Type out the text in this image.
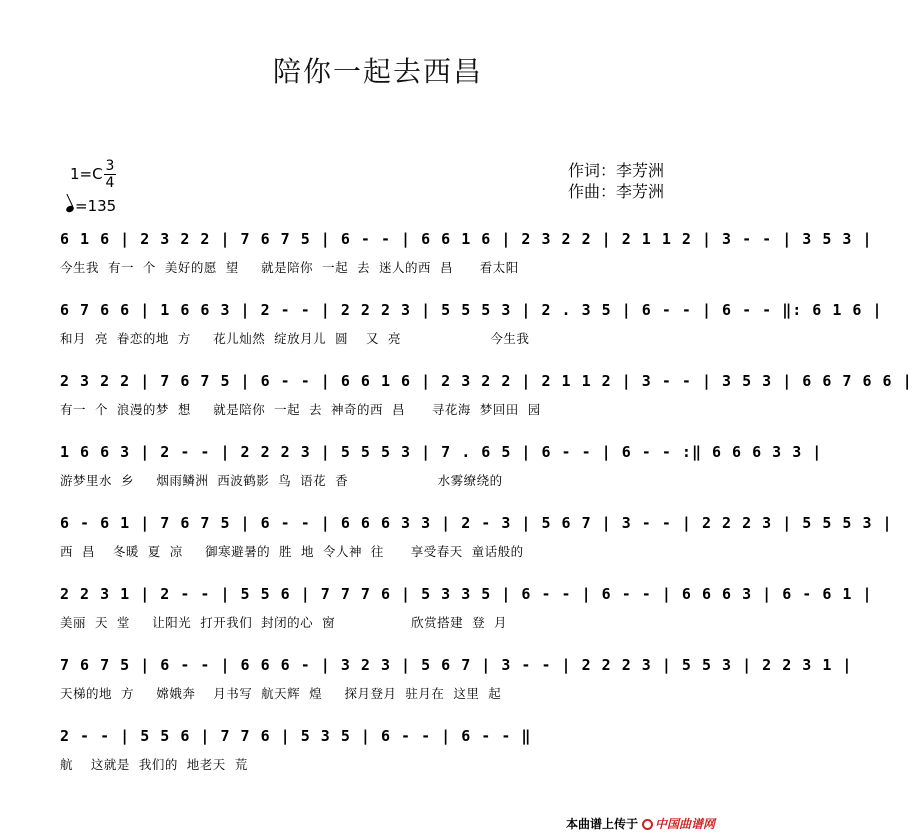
陪你一起去西昌
1=C 3
4
=135
作词：李芳洲
作曲：李芳洲
6 1 6 | 2 3 2 2 | 7 6 7 5 | 6 - - | 6 6 1 6 | 2 3 2 2 | 2 1 1 2 | 3 - - | 3 5 3 |
今生我  有一  个  美好的愿  望     就是陪你  一起  去  迷人的西  昌      看太阳
6 7 6 6 | 1 6 6 3 | 2 - - | 2 2 2 3 | 5 5 5 3 | 2 . 3 5 | 6 - - | 6 - - ‖: 6 1 6 |
和月  亮  眷恋的地  方     花儿灿然  绽放月儿  圆    又  亮                    今生我
2 3 2 2 | 7 6 7 5 | 6 - - | 6 6 1 6 | 2 3 2 2 | 2 1 1 2 | 3 - - | 3 5 3 | 6 6 7 6 6 |
有一  个  浪漫的梦  想     就是陪你  一起  去  神奇的西  昌      寻花海  梦回田  园
1 6 6 3 | 2 - - | 2 2 2 3 | 5 5 5 3 | 7 . 6 5 | 6 - - | 6 - - :‖ 6 6 6 3 3 |
游梦里水  乡     烟雨鳞洲  西波鹤影  鸟  语花  香                    水雾缭绕的
6 - 6 1 | 7 6 7 5 | 6 - - | 6 6 6 3 3 | 2 - 3 | 5 6 7 | 3 - - | 2 2 2 3 | 5 5 5 3 |
西  昌    冬暖  夏  凉     御寒避暑的  胜  地  令人神  往      享受春天  童话般的
2 2 3 1 | 2 - - | 5 5 6 | 7 7 7 6 | 5 3 3 5 | 6 - - | 6 - - | 6 6 6 3 | 6 - 6 1 |
美丽  天  堂     让阳光  打开我们  封闭的心  窗                 欣赏搭建  登  月
7 6 7 5 | 6 - - | 6 6 6 - | 3 2 3 | 5 6 7 | 3 - - | 2 2 2 3 | 5 5 3 | 2 2 3 1 |
天梯的地  方     嫦娥奔    月书写  航天辉  煌     探月登月  驻月在  这里  起
2 - - | 5 5 6 | 7 7 6 | 5 3 5 | 6 - - | 6 - - ‖
航    这就是  我们的  地老天  荒
本曲谱上传于 中国曲谱网
